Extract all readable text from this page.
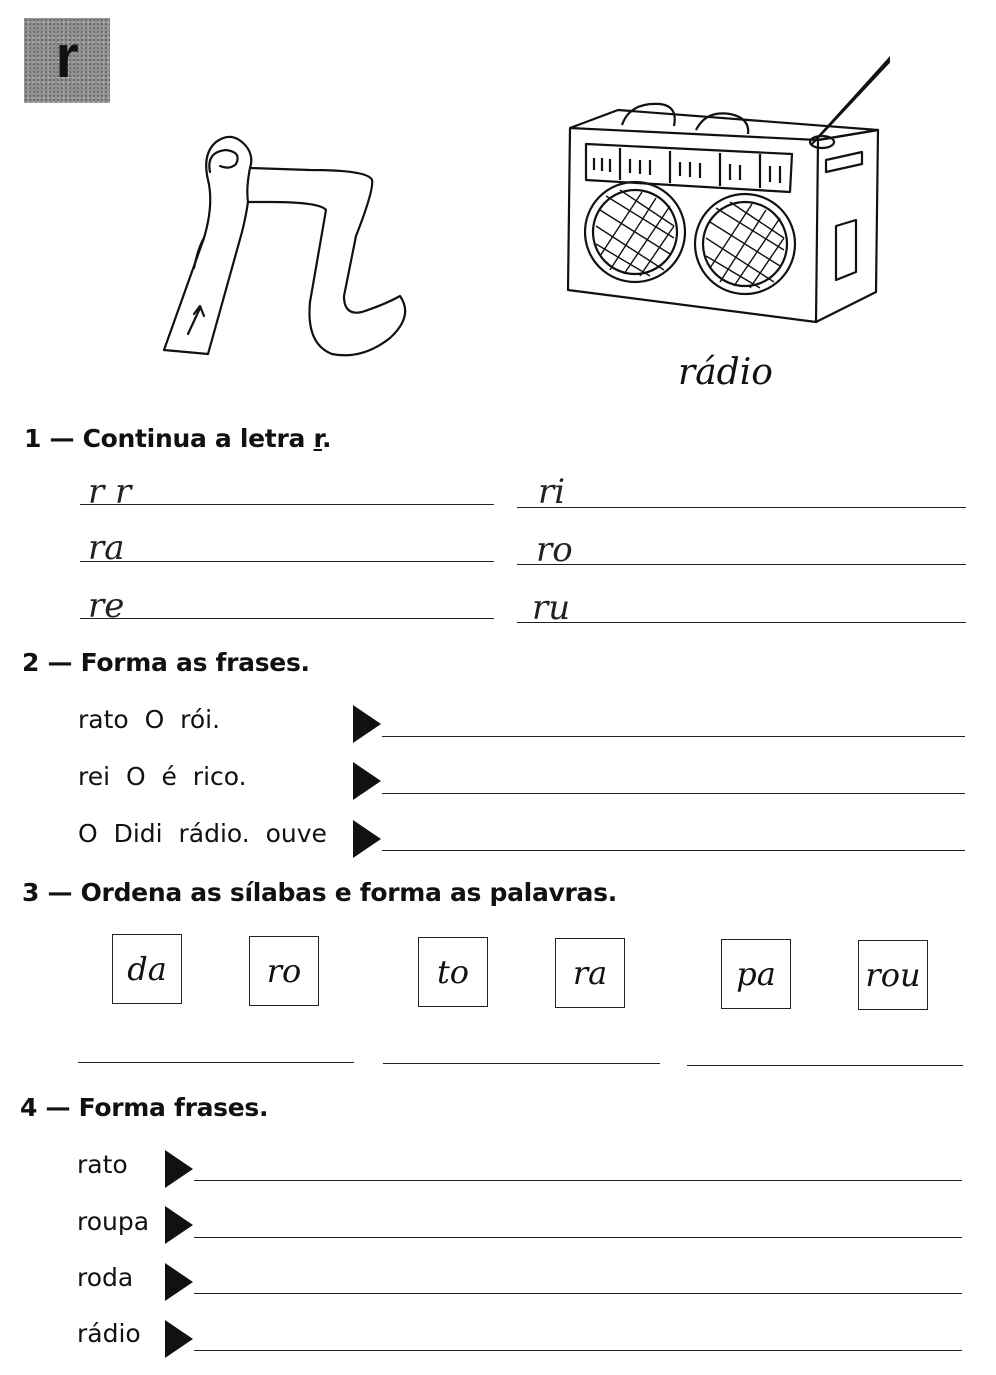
r
rádio
1 — Continua a letra r.
r r	ri
ra	ro
re	ru
2 — Forma as frases.
rato  O  rói.
rei  O  é  rico.
O  Didi  rádio.  ouve
3 — Ordena as sílabas e forma as palavras.
da	ro	to	ra	pa	rou
4 — Forma frases.
rato
roupa
roda
rádio
